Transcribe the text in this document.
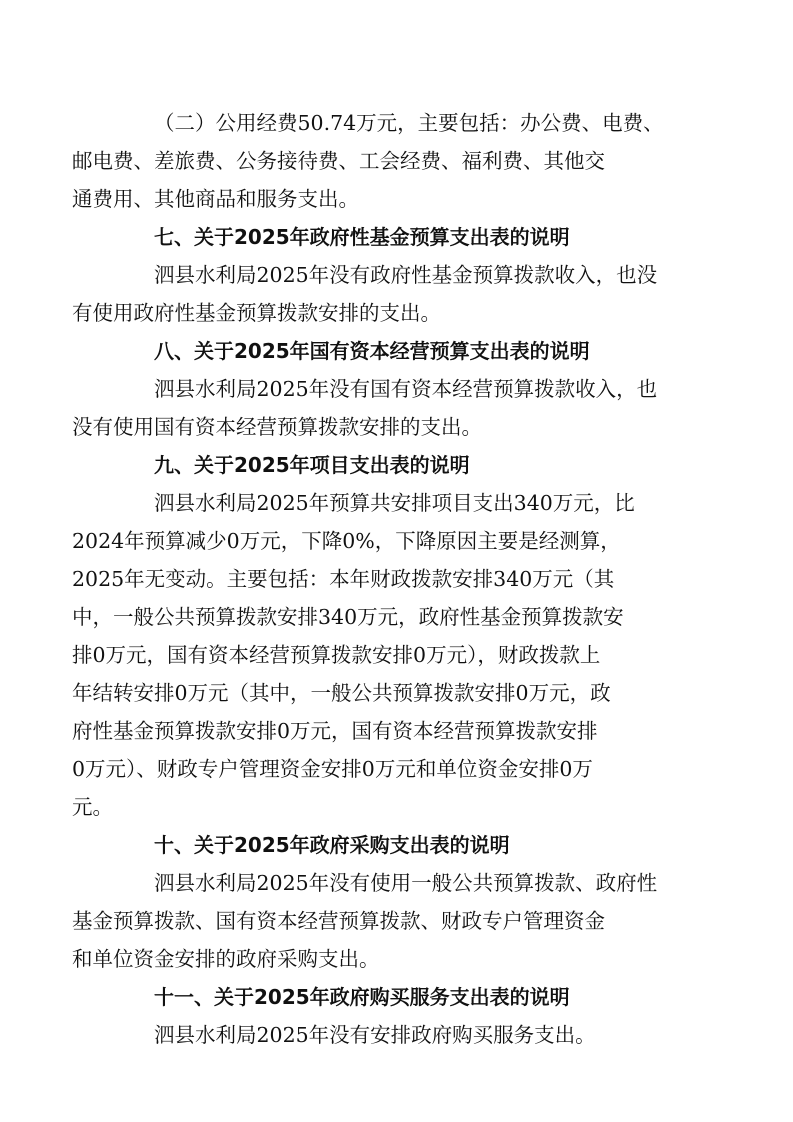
（二）公用经费50.74万元，主要包括：办公费、电费、
邮电费、差旅费、公务接待费、工会经费、福利费、其他交
通费用、其他商品和服务支出。

七、关于2025年政府性基金预算支出表的说明

泗县水利局2025年没有政府性基金预算拨款收入，也没
有使用政府性基金预算拨款安排的支出。

八、关于2025年国有资本经营预算支出表的说明

泗县水利局2025年没有国有资本经营预算拨款收入，也
没有使用国有资本经营预算拨款安排的支出。

九、关于2025年项目支出表的说明

泗县水利局2025年预算共安排项目支出340万元，比
2024年预算减少0万元，下降0%，下降原因主要是经测算，
2025年无变动。主要包括：本年财政拨款安排340万元（其
中，一般公共预算拨款安排340万元，政府性基金预算拨款安
排0万元，国有资本经营预算拨款安排0万元），财政拨款上
年结转安排0万元（其中，一般公共预算拨款安排0万元，政
府性基金预算拨款安排0万元，国有资本经营预算拨款安排
0万元）、财政专户管理资金安排0万元和单位资金安排0万
元。

十、关于2025年政府采购支出表的说明

泗县水利局2025年没有使用一般公共预算拨款、政府性
基金预算拨款、国有资本经营预算拨款、财政专户管理资金
和单位资金安排的政府采购支出。

十一、关于2025年政府购买服务支出表的说明

泗县水利局2025年没有安排政府购买服务支出。
